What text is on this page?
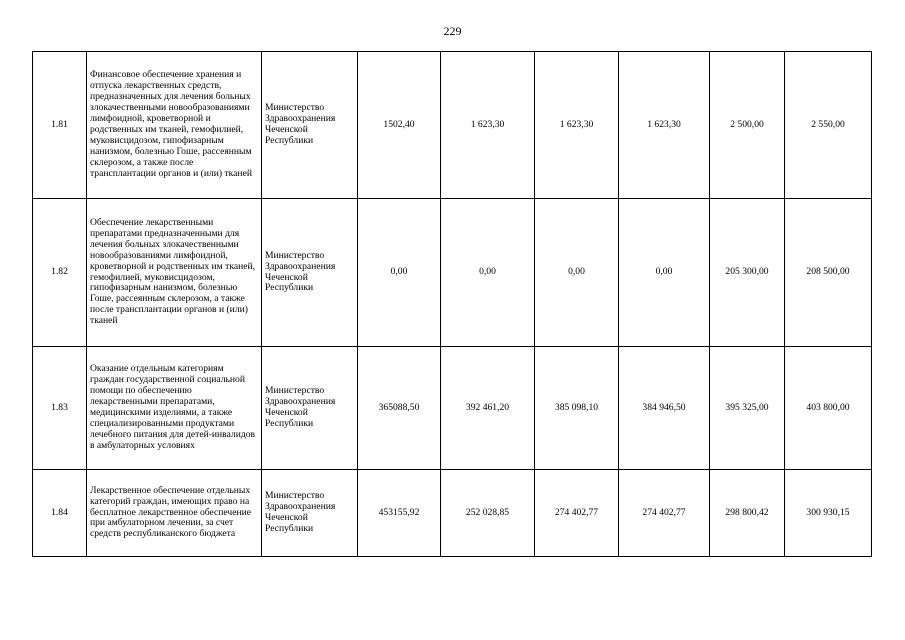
229
1.81	Финансовое обеспечение хранения и отпуска лекарственных средств, предназначенных для лечения больных злокачественными новообразованиями лимфоидной, кроветворной и родственных им тканей, гемофилией, муковисцидозом, гипофизарным нанизмом, болезнью Гоше, рассеянным склерозом, а также после трансплантации органов и (или) тканей	Министерство Здравоохранения Чеченской Республики	1502,40	1 623,30	1 623,30	1 623,30	2 500,00	2 550,00
1.82	Обеспечение лекарственными препаратами предназначенными для лечения больных злокачественными новообразованиями лимфоидной, кроветворной и родственных им тканей, гемофилией, муковисцидозом, гипофизарным нанизмом, болезнью Гоше, рассеянным склерозом, а также после трансплантации органов и (или) тканей	Министерство Здравоохранения Чеченской Республики	0,00	0,00	0,00	0,00	205 300,00	208 500,00
1.83	Оказание отдельным категориям граждан государственной социальной помощи по обеспечению лекарственными препаратами, медицинскими изделиями, а также специализированными продуктами лечебного питания для детей-инвалидов в амбулаторных условиях	Министерство Здравоохранения Чеченской Республики	365088,50	392 461,20	385 098,10	384 946,50	395 325,00	403 800,00
1.84	Лекарственное обеспечение отдельных категорий граждан, имеющих право на бесплатное лекарственное обеспечение при амбулаторном лечении, за счет средств республиканского бюджета	Министерство Здравоохранения Чеченской Республики	453155,92	252 028,85	274 402,77	274 402,77	298 800,42	300 930,15
